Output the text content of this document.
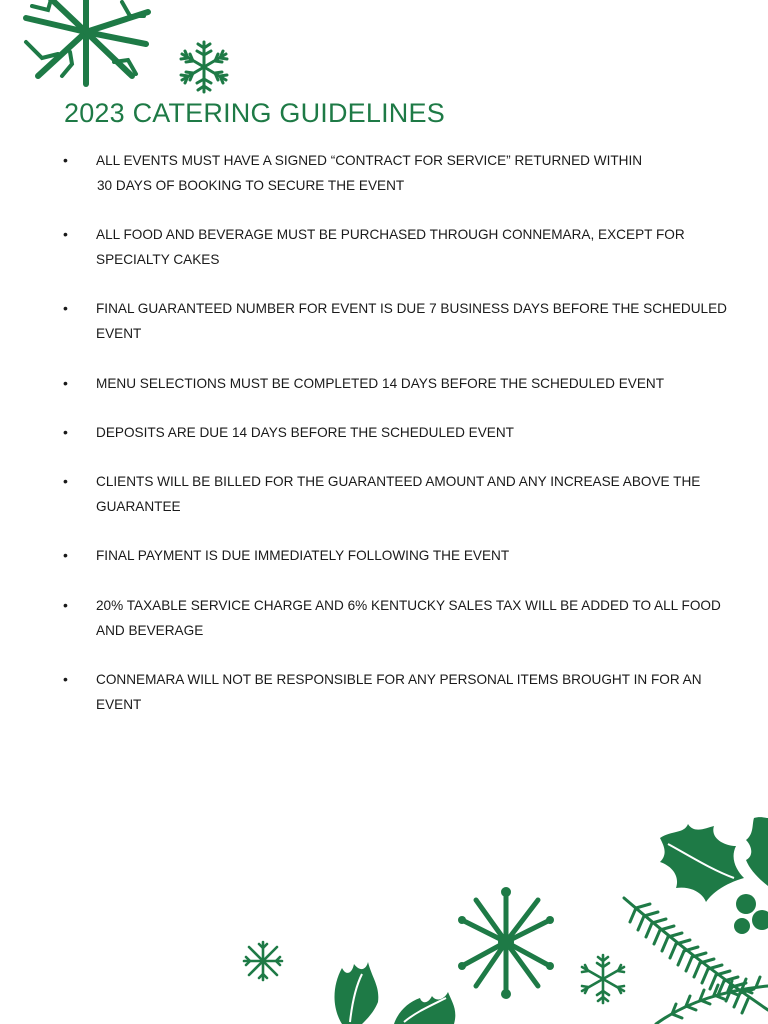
2023 CATERING GUIDELINES
• ALL EVENTS MUST HAVE A SIGNED “CONTRACT FOR SERVICE” RETURNED WITHIN
30 DAYS OF BOOKING TO SECURE THE EVENT
• ALL FOOD AND BEVERAGE MUST BE PURCHASED THROUGH CONNEMARA, EXCEPT FOR
SPECIALTY CAKES
• FINAL GUARANTEED NUMBER FOR EVENT IS DUE 7 BUSINESS DAYS BEFORE THE SCHEDULED
EVENT
• MENU SELECTIONS MUST BE COMPLETED 14 DAYS BEFORE THE SCHEDULED EVENT
• DEPOSITS ARE DUE 14 DAYS BEFORE THE SCHEDULED EVENT
• CLIENTS WILL BE BILLED FOR THE GUARANTEED AMOUNT AND ANY INCREASE ABOVE THE
GUARANTEE
• FINAL PAYMENT IS DUE IMMEDIATELY FOLLOWING THE EVENT
• 20% TAXABLE SERVICE CHARGE AND 6% KENTUCKY SALES TAX WILL BE ADDED TO ALL FOOD
AND BEVERAGE
• CONNEMARA WILL NOT BE RESPONSIBLE FOR ANY PERSONAL ITEMS BROUGHT IN FOR AN
EVENT
